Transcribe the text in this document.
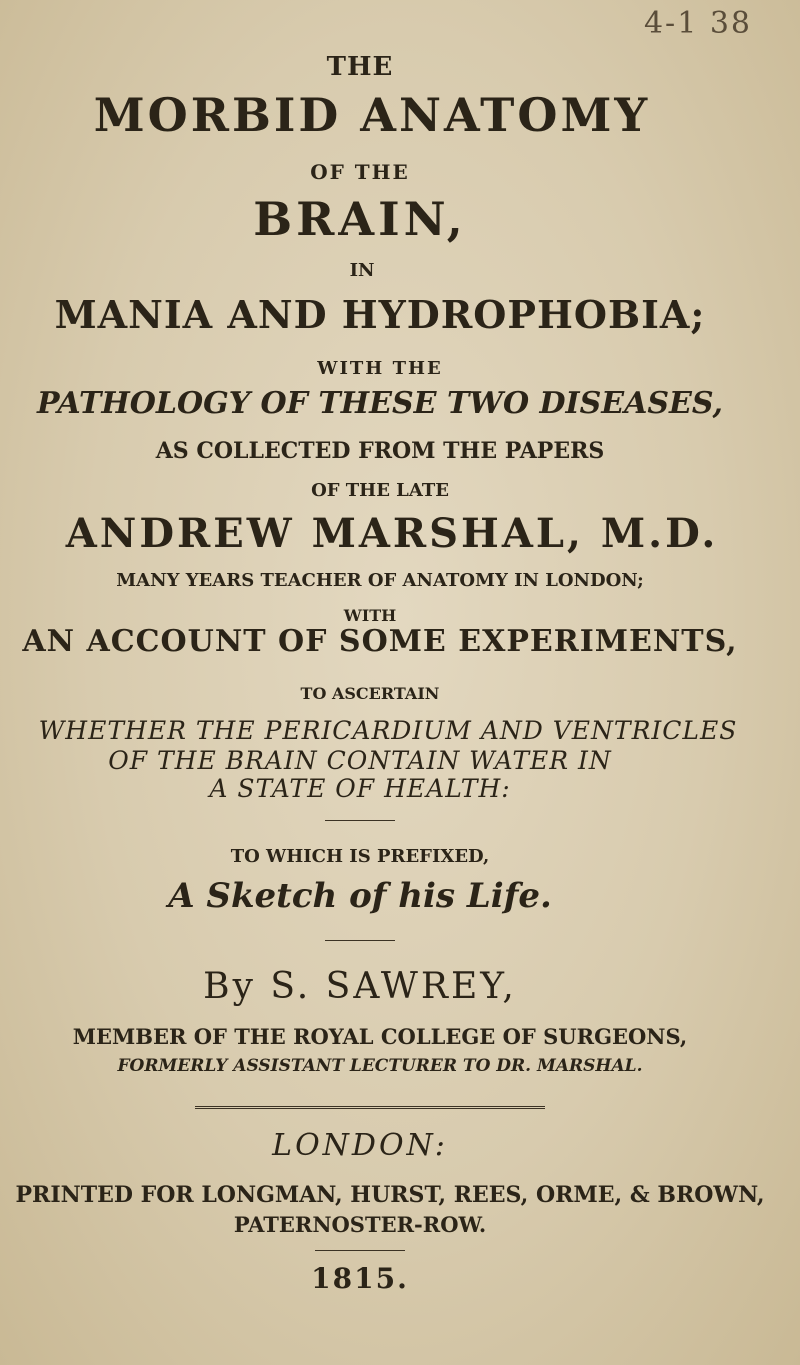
4-1 38
THE
MORBID ANATOMY
OF THE
BRAIN,
IN
MANIA AND HYDROPHOBIA;
WITH THE
PATHOLOGY OF THESE TWO DISEASES,
AS COLLECTED FROM THE PAPERS
OF THE LATE
ANDREW MARSHAL, M.D.
MANY YEARS TEACHER OF ANATOMY IN LONDON;
WITH
AN ACCOUNT OF SOME EXPERIMENTS,
TO ASCERTAIN
WHETHER THE PERICARDIUM AND VENTRICLES
OF THE BRAIN CONTAIN WATER IN
A STATE OF HEALTH:
TO WHICH IS PREFIXED,
A Sketch of his Life.
By S. SAWREY,
MEMBER OF THE ROYAL COLLEGE OF SURGEONS,
FORMERLY ASSISTANT LECTURER TO DR. MARSHAL.
LONDON:
PRINTED FOR LONGMAN, HURST, REES, ORME, & BROWN,
PATERNOSTER-ROW.
1815.
